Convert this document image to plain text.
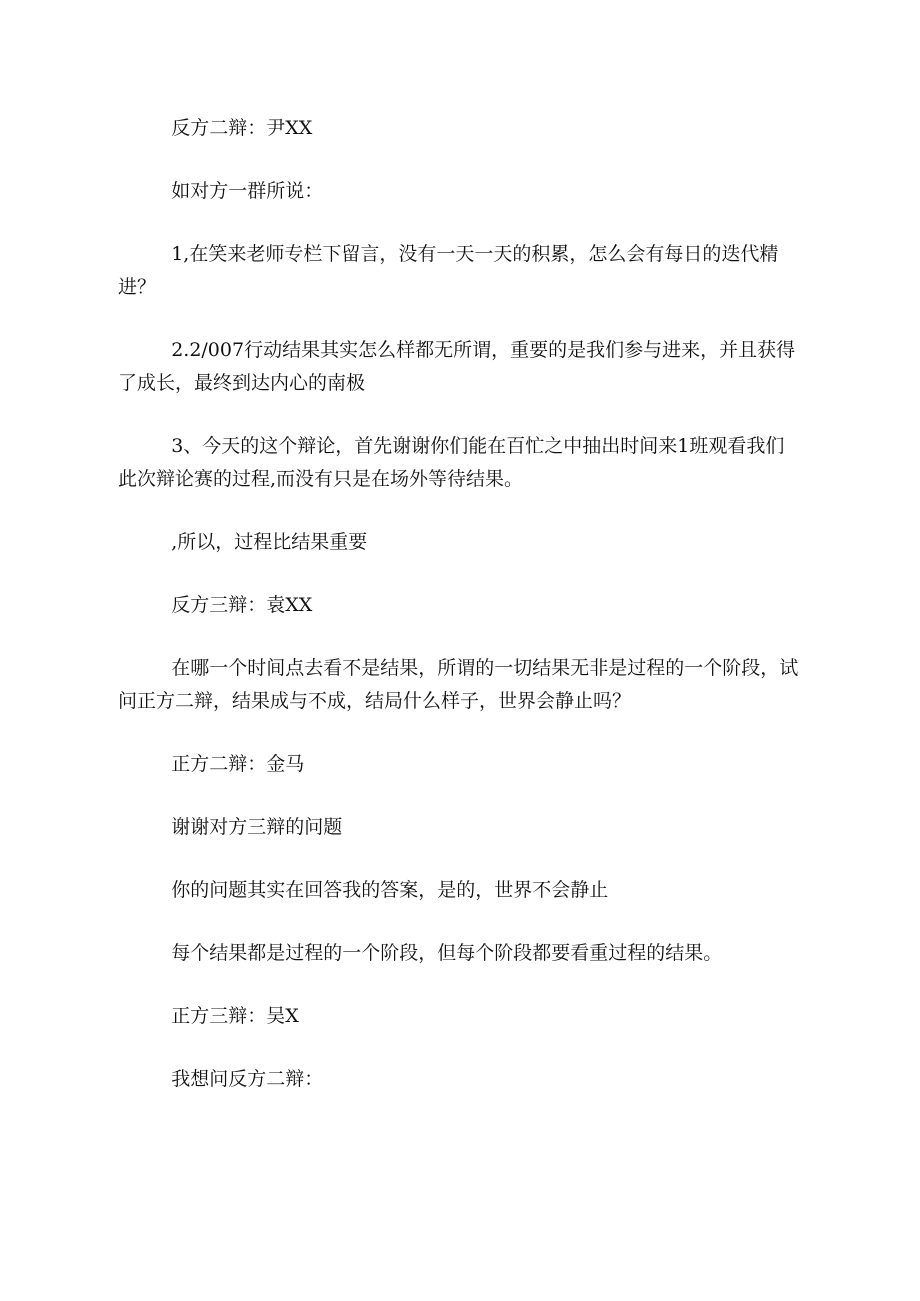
反方二辩：尹XX

如对方一群所说：

1,在笑来老师专栏下留言，没有一天一天的积累，怎么会有每日的迭代精进？

2.2/007行动结果其实怎么样都无所谓，重要的是我们参与进来，并且获得了成长，最终到达内心的南极

3、今天的这个辩论，首先谢谢你们能在百忙之中抽出时间来1班观看我们此次辩论赛的过程,而没有只是在场外等待结果。

,所以，过程比结果重要

反方三辩：袁XX

在哪一个时间点去看不是结果，所谓的一切结果无非是过程的一个阶段，试问正方二辩，结果成与不成，结局什么样子，世界会静止吗？

正方二辩：金马

谢谢对方三辩的问题

你的问题其实在回答我的答案，是的，世界不会静止

每个结果都是过程的一个阶段，但每个阶段都要看重过程的结果。

正方三辩：吴X

我想问反方二辩：
